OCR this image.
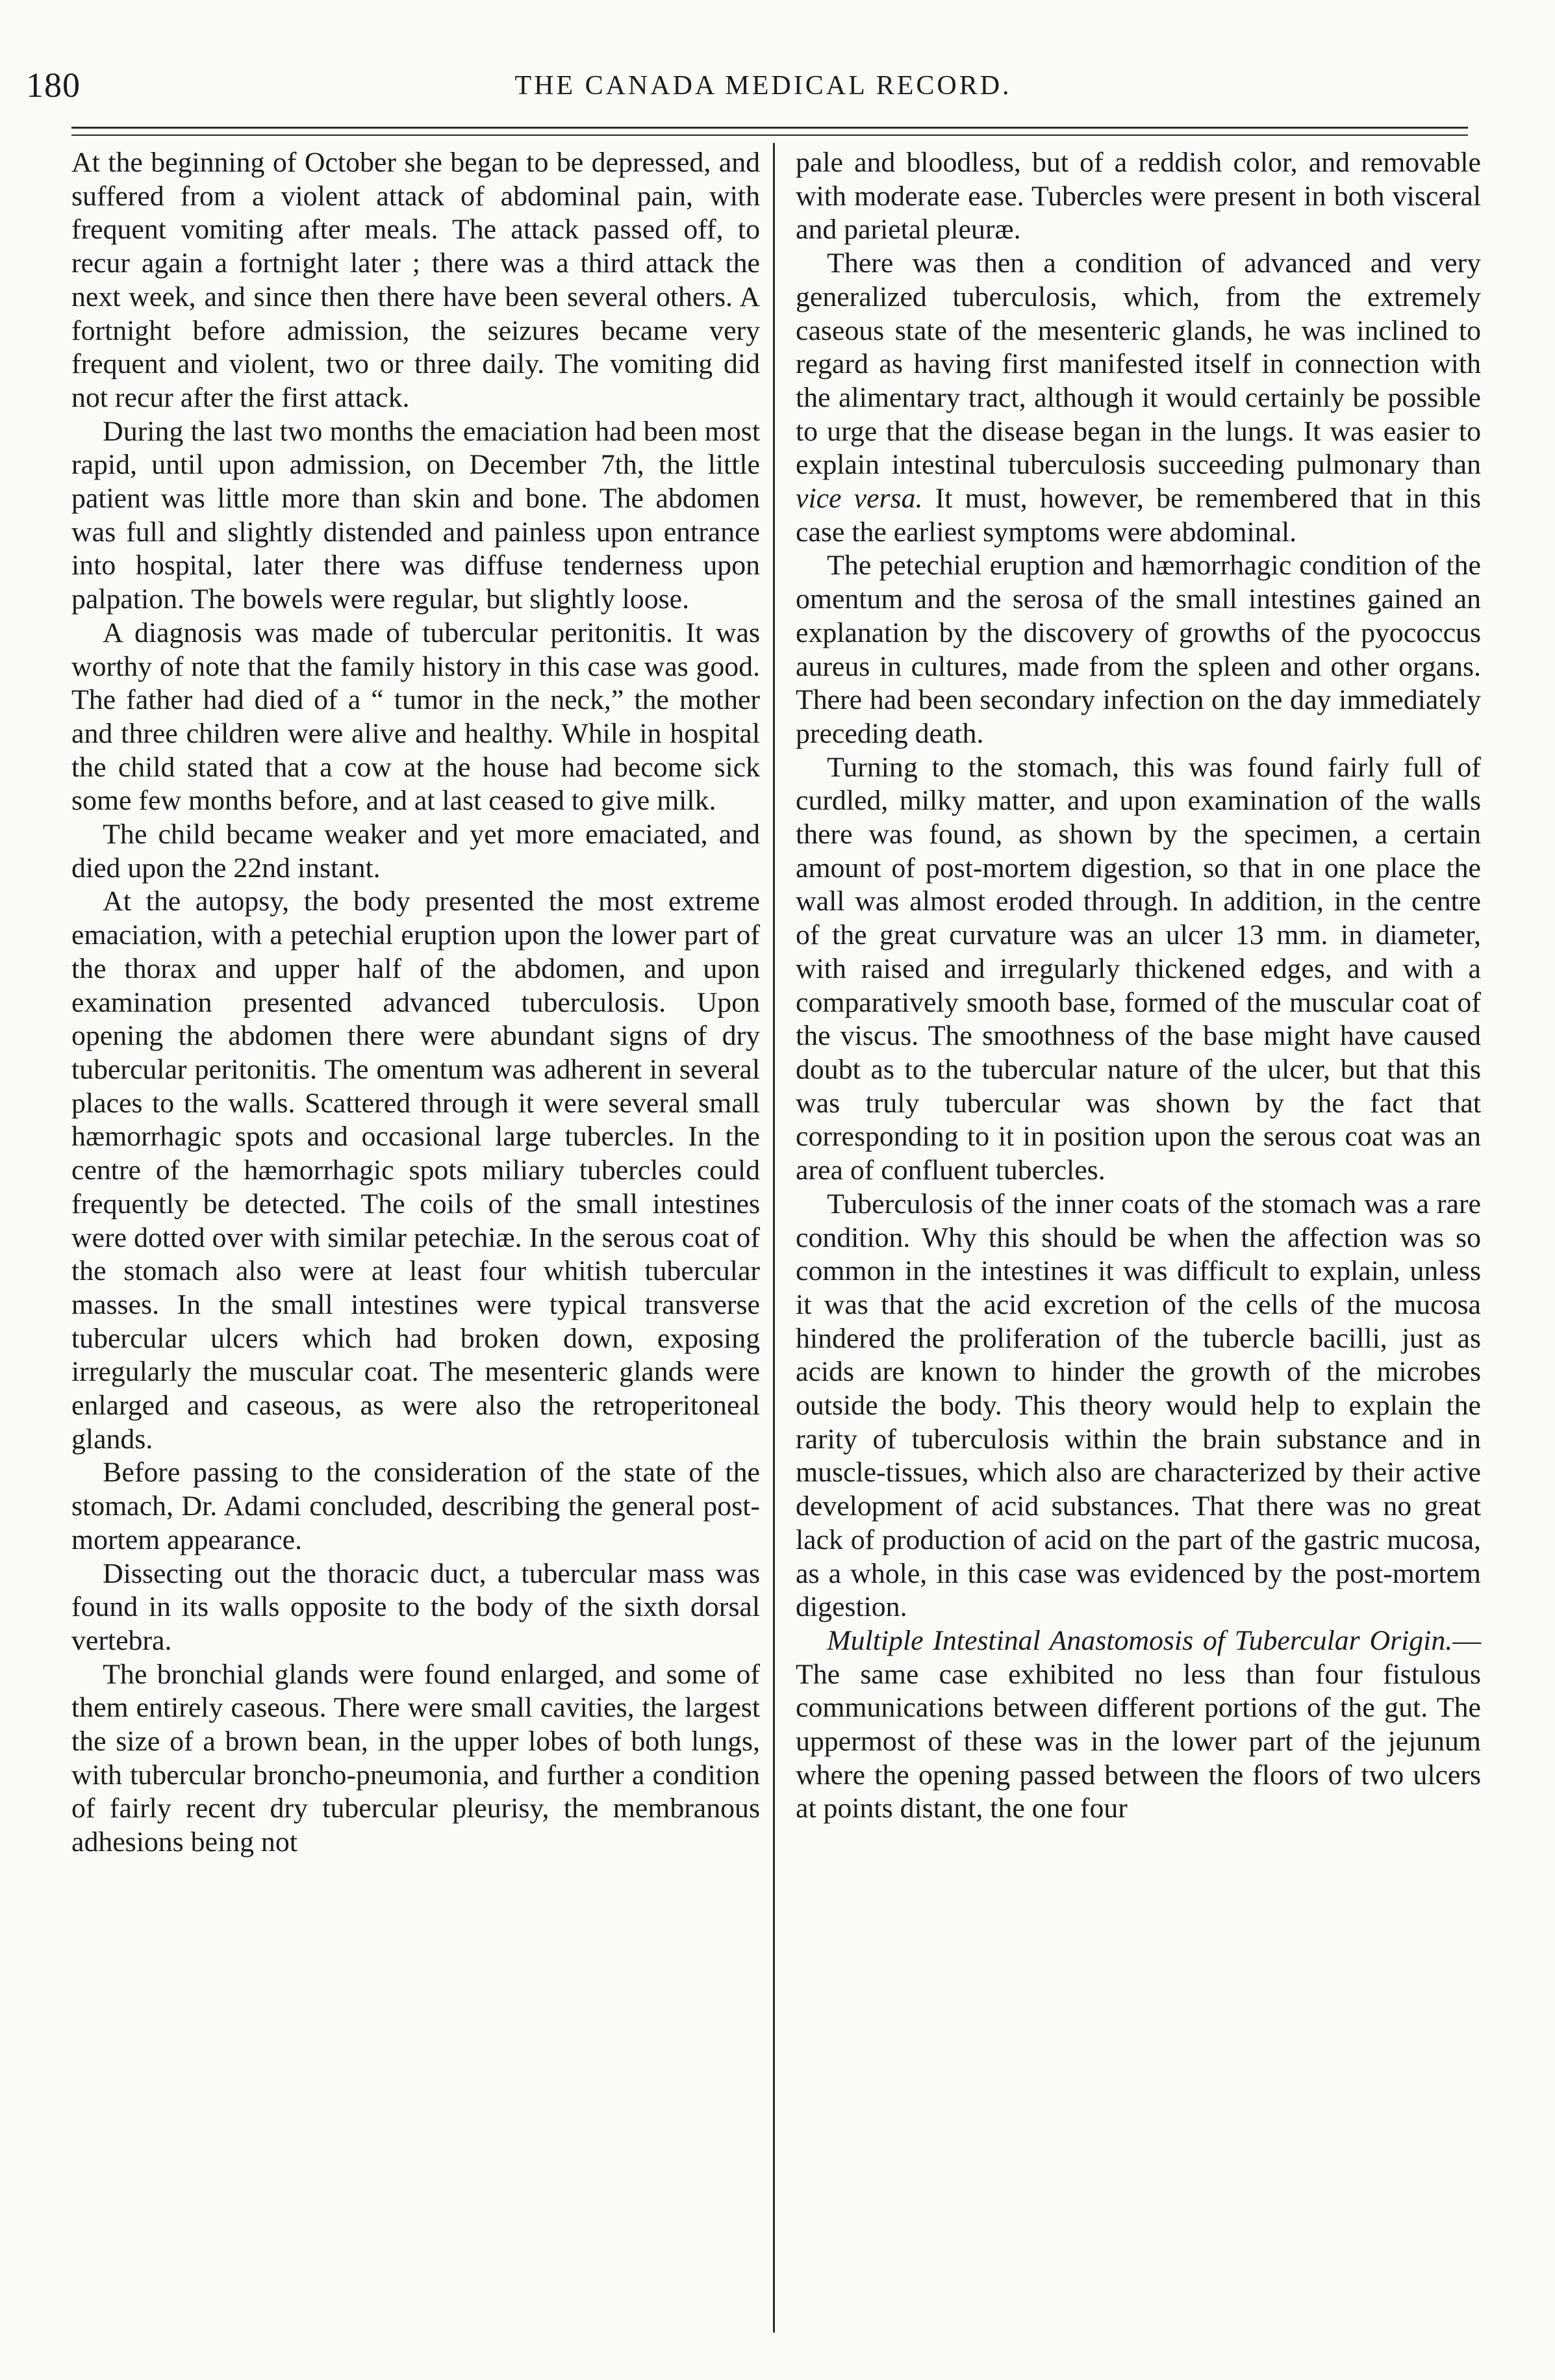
180	THE CANADA MEDICAL RECORD.

At the beginning of October she began to be depressed, and suffered from a violent attack of abdominal pain, with frequent vomiting after meals. The attack passed off, to recur again a fortnight later ; there was a third attack the next week, and since then there have been several others. A fortnight before admission, the seizures became very frequent and violent, two or three daily. The vomiting did not recur after the first attack.

During the last two months the emaciation had been most rapid, until upon admission, on December 7th, the little patient was little more than skin and bone. The abdomen was full and slightly distended and painless upon entrance into hospital, later there was diffuse tenderness upon palpation. The bowels were regular, but slightly loose.

A diagnosis was made of tubercular peritonitis. It was worthy of note that the family history in this case was good. The father had died of a “ tumor in the neck,” the mother and three children were alive and healthy. While in hospital the child stated that a cow at the house had become sick some few months before, and at last ceased to give milk.

The child became weaker and yet more emaciated, and died upon the 22nd instant.

At the autopsy, the body presented the most extreme emaciation, with a petechial eruption upon the lower part of the thorax and upper half of the abdomen, and upon examination presented advanced tuberculosis. Upon opening the abdomen there were abundant signs of dry tubercular peritonitis. The omentum was adherent in several places to the walls. Scattered through it were several small hæmorrhagic spots and occasional large tubercles. In the centre of the hæmorrhagic spots miliary tubercles could frequently be detected. The coils of the small intestines were dotted over with similar petechiæ. In the serous coat of the stomach also were at least four whitish tubercular masses. In the small intestines were typical transverse tubercular ulcers which had broken down, exposing irregularly the muscular coat. The mesenteric glands were enlarged and caseous, as were also the retroperitoneal glands.

Before passing to the consideration of the state of the stomach, Dr. Adami concluded, describing the general post-mortem appearance.

Dissecting out the thoracic duct, a tubercular mass was found in its walls opposite to the body of the sixth dorsal vertebra.

The bronchial glands were found enlarged, and some of them entirely caseous. There were small cavities, the largest the size of a brown bean, in the upper lobes of both lungs, with tubercular broncho-pneumonia, and further a condition of fairly recent dry tubercular pleurisy, the membranous adhesions being not

pale and bloodless, but of a reddish color, and removable with moderate ease. Tubercles were present in both visceral and parietal pleuræ.

There was then a condition of advanced and very generalized tuberculosis, which, from the extremely caseous state of the mesenteric glands, he was inclined to regard as having first manifested itself in connection with the alimentary tract, although it would certainly be possible to urge that the disease began in the lungs. It was easier to explain intestinal tuberculosis succeeding pulmonary than vice versa. It must, however, be remembered that in this case the earliest symptoms were abdominal.

The petechial eruption and hæmorrhagic condition of the omentum and the serosa of the small intestines gained an explanation by the discovery of growths of the pyococcus aureus in cultures, made from the spleen and other organs. There had been secondary infection on the day immediately preceding death.

Turning to the stomach, this was found fairly full of curdled, milky matter, and upon examination of the walls there was found, as shown by the specimen, a certain amount of post-mortem digestion, so that in one place the wall was almost eroded through. In addition, in the centre of the great curvature was an ulcer 13 mm. in diameter, with raised and irregularly thickened edges, and with a comparatively smooth base, formed of the muscular coat of the viscus. The smoothness of the base might have caused doubt as to the tubercular nature of the ulcer, but that this was truly tubercular was shown by the fact that corresponding to it in position upon the serous coat was an area of confluent tubercles.

Tuberculosis of the inner coats of the stomach was a rare condition. Why this should be when the affection was so common in the intestines it was difficult to explain, unless it was that the acid excretion of the cells of the mucosa hindered the proliferation of the tubercle bacilli, just as acids are known to hinder the growth of the microbes outside the body. This theory would help to explain the rarity of tuberculosis within the brain substance and in muscle-tissues, which also are characterized by their active development of acid substances. That there was no great lack of production of acid on the part of the gastric mucosa, as a whole, in this case was evidenced by the post-mortem digestion.

Multiple Intestinal Anastomosis of Tubercular Origin.—The same case exhibited no less than four fistulous communications between different portions of the gut. The uppermost of these was in the lower part of the jejunum where the opening passed between the floors of two ulcers at points distant, the one four
